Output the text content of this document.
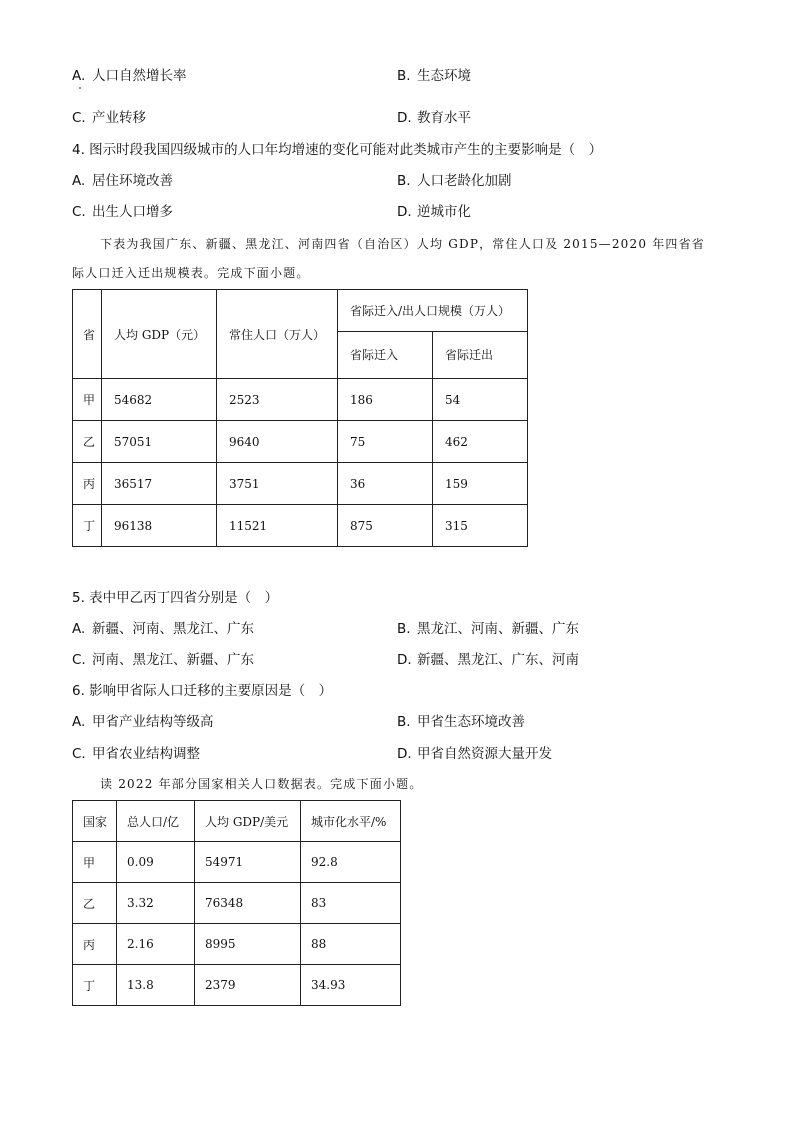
A. 人口自然增长率	B. 生态环境
C. 产业转移	D. 教育水平
4. 图示时段我国四级城市的人口年均增速的变化可能对此类城市产生的主要影响是（　）
A. 居住环境改善	B. 人口老龄化加剧
C. 出生人口增多	D. 逆城市化
下表为我国广东、新疆、黑龙江、河南四省（自治区）人均 GDP，常住人口及 2015—2020 年四省省
际人口迁入迁出规模表。完成下面小题。
省	人均 GDP（元）	常住人口（万人）	省际迁入/出人口规模（万人）	
			省际迁入	省际迁出
甲	54682	2523	186	54
乙	57051	9640	75	462
丙	36517	3751	36	159
丁	96138	11521	875	315
5. 表中甲乙丙丁四省分别是（　）
A. 新疆、河南、黑龙江、广东	B. 黑龙江、河南、新疆、广东
C. 河南、黑龙江、新疆、广东	D. 新疆、黑龙江、广东、河南
6. 影响甲省际人口迁移的主要原因是（　）
A. 甲省产业结构等级高	B. 甲省生态环境改善
C. 甲省农业结构调整	D. 甲省自然资源大量开发
读 2022 年部分国家相关人口数据表。完成下面小题。
国家	总人口/亿	人均 GDP/美元	城市化水平/%
甲	0.09	54971	92.8
乙	3.32	76348	83
丙	2.16	8995	88
丁	13.8	2379	34.93
